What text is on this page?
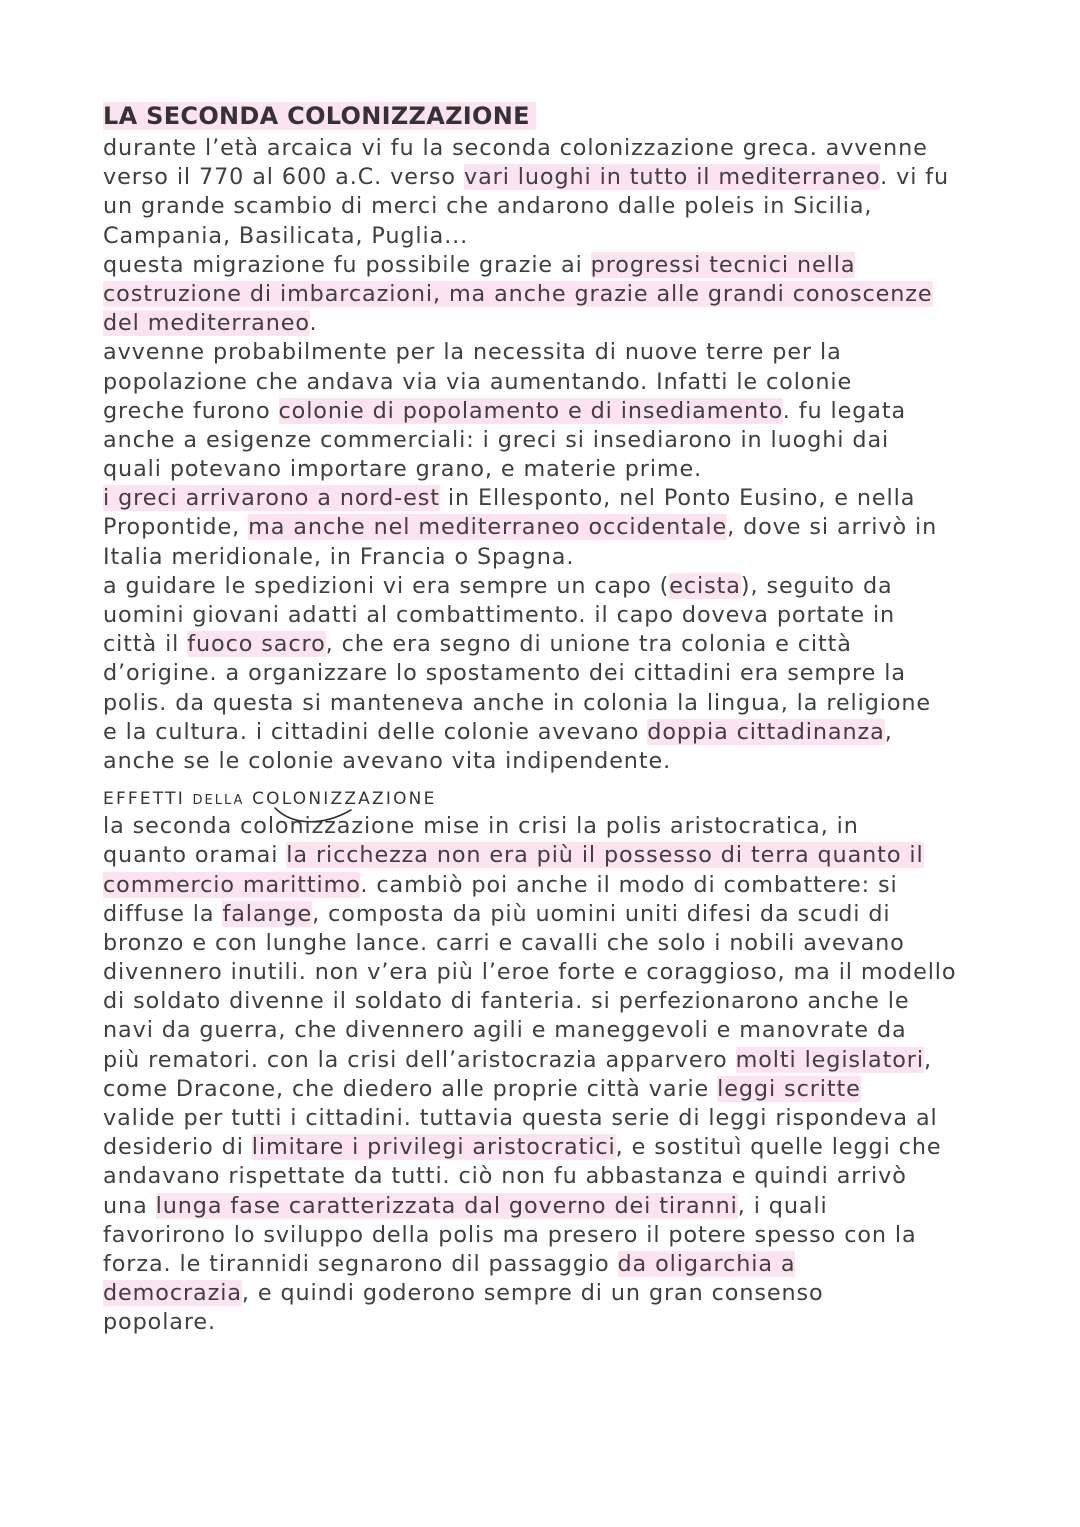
LA SECONDA COLONIZZAZIONE
durante l’età arcaica vi fu la seconda colonizzazione greca. avvenne
verso il 770 al 600 a.C. verso vari luoghi in tutto il mediterraneo. vi fu
un grande scambio di merci che andarono dalle poleis in Sicilia,
Campania, Basilicata, Puglia...
questa migrazione fu possibile grazie ai progressi tecnici nella
costruzione di imbarcazioni, ma anche grazie alle grandi conoscenze
del mediterraneo.
avvenne probabilmente per la necessita di nuove terre per la
popolazione che andava via via aumentando. Infatti le colonie
greche furono colonie di popolamento e di insediamento. fu legata
anche a esigenze commerciali: i greci si insediarono in luoghi dai
quali potevano importare grano, e materie prime.
i greci arrivarono a nord-est in Ellesponto, nel Ponto Eusino, e nella
Propontide, ma anche nel mediterraneo occidentale, dove si arrivò in
Italia meridionale, in Francia o Spagna.
a guidare le spedizioni vi era sempre un capo (ecista), seguito da
uomini giovani adatti al combattimento. il capo doveva portate in
città il fuoco sacro, che era segno di unione tra colonia e città
d’origine. a organizzare lo spostamento dei cittadini era sempre la
polis. da questa si manteneva anche in colonia la lingua, la religione
e la cultura. i cittadini delle colonie avevano doppia cittadinanza,
anche se le colonie avevano vita indipendente.
EFFETTI DELLA COLONIZZAZIONE
la seconda colonizzazione mise in crisi la polis aristocratica, in
quanto oramai la ricchezza non era più il possesso di terra quanto il
commercio marittimo. cambiò poi anche il modo di combattere: si
diffuse la falange, composta da più uomini uniti difesi da scudi di
bronzo e con lunghe lance. carri e cavalli che solo i nobili avevano
divennero inutili. non v’era più l’eroe forte e coraggioso, ma il modello
di soldato divenne il soldato di fanteria. si perfezionarono anche le
navi da guerra, che divennero agili e maneggevoli e manovrate da
più rematori. con la crisi dell’aristocrazia apparvero molti legislatori,
come Dracone, che diedero alle proprie città varie leggi scritte
valide per tutti i cittadini. tuttavia questa serie di leggi rispondeva al
desiderio di limitare i privilegi aristocratici, e sostituì quelle leggi che
andavano rispettate da tutti. ciò non fu abbastanza e quindi arrivò
una lunga fase caratterizzata dal governo dei tiranni, i quali
favorirono lo sviluppo della polis ma presero il potere spesso con la
forza. le tirannidi segnarono dil passaggio da oligarchia a
democrazia, e quindi goderono sempre di un gran consenso
popolare.
